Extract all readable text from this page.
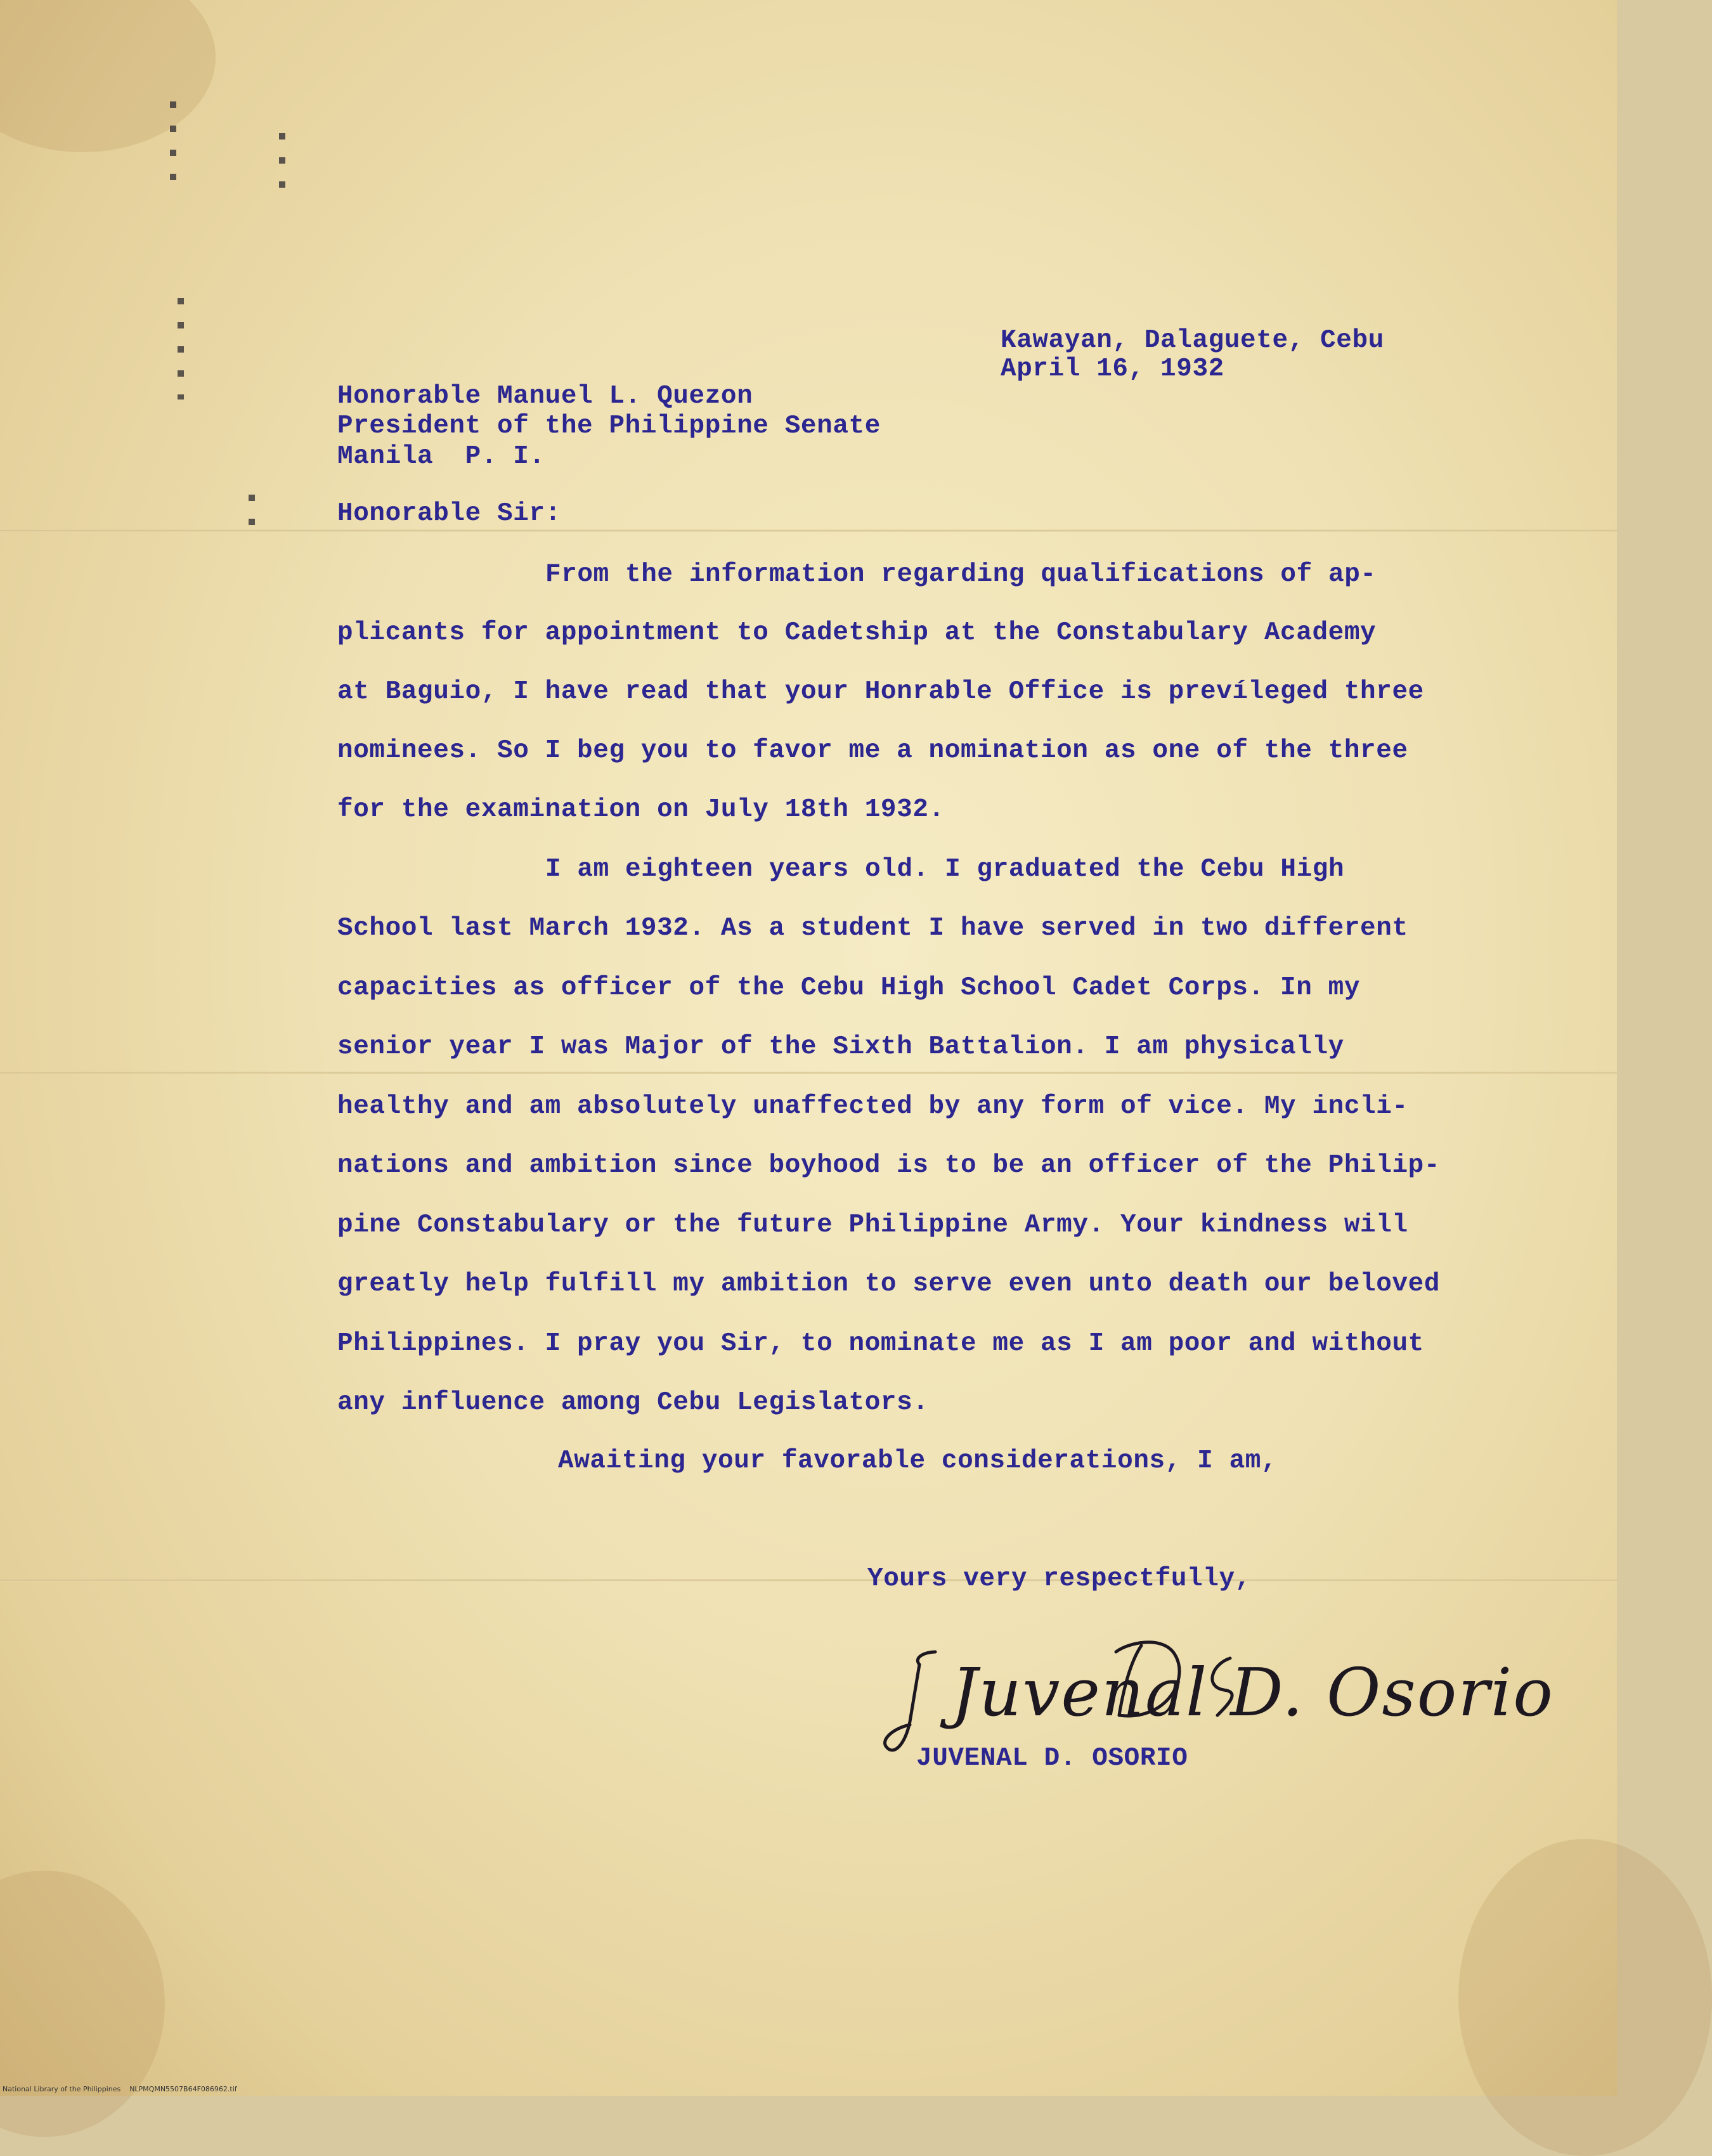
Kawayan, Dalaguete, Cebu
April 16, 1932
Honorable Manuel L. Quezon
President of the Philippine Senate
Manila  P. I.
Honorable Sir:
From the information regarding qualifications of ap-
plicants for appointment to Cadetship at the Constabulary Academy
at Baguio, I have read that your Honrable Office is prevíleged three
nominees. So I beg you to favor me a nomination as one of the three
for the examination on July 18th 1932.
I am eighteen years old. I graduated the Cebu High
School last March 1932. As a student I have served in two different
capacities as officer of the Cebu High School Cadet Corps. In my
senior year I was Major of the Sixth Battalion. I am physically
healthy and am absolutely unaffected by any form of vice. My incli-
nations and ambition since boyhood is to be an officer of the Philip-
pine Constabulary or the future Philippine Army. Your kindness will
greatly help fulfill my ambition to serve even unto death our beloved
Philippines. I pray you Sir, to nominate me as I am poor and without
any influence among Cebu Legislators.
Awaiting your favorable considerations, I am,
Yours very respectfully,
Juvenal D. Osorio
JUVENAL D. OSORIO
National Library of the Philippines    NLPMQMN5507B64F086962.tif
